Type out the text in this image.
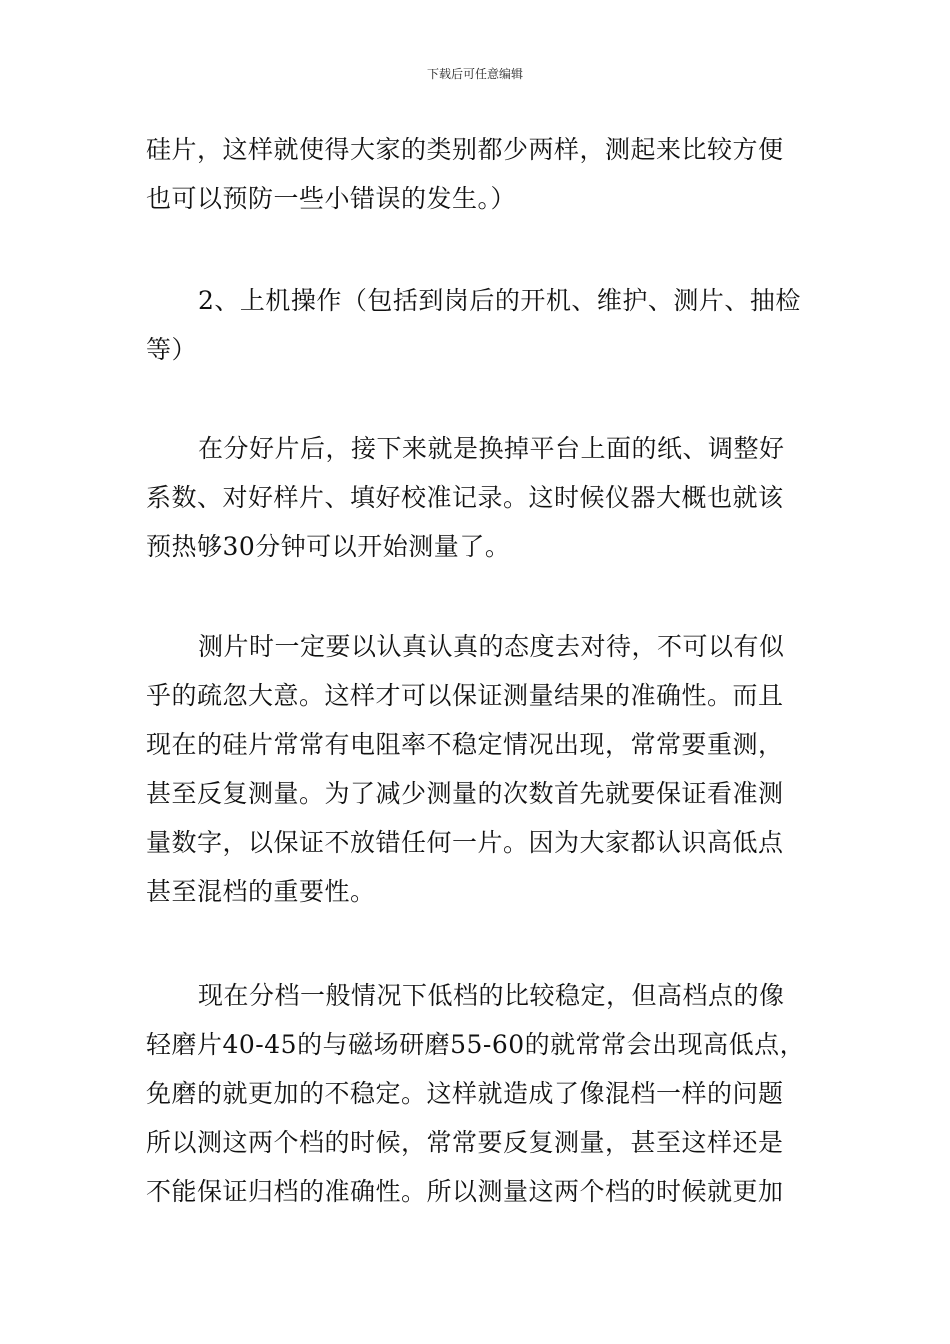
下载后可任意编辑
硅片，这样就使得大家的类别都少两样，测起来比较方便
也可以预防一些小错误的发生。）
2、上机操作（包括到岗后的开机、维护、测片、抽检
等）
在分好片后，接下来就是换掉平台上面的纸、调整好
系数、对好样片、填好校准记录。这时候仪器大概也就该
预热够30分钟可以开始测量了。
测片时一定要以认真认真的态度去对待，不可以有似
乎的疏忽大意。这样才可以保证测量结果的准确性。而且
现在的硅片常常有电阻率不稳定情况出现，常常要重测，
甚至反复测量。为了减少测量的次数首先就要保证看准测
量数字，以保证不放错任何一片。因为大家都认识高低点
甚至混档的重要性。
现在分档一般情况下低档的比较稳定，但高档点的像
轻磨片40-45的与磁场研磨55-60的就常常会出现高低点，
免磨的就更加的不稳定。这样就造成了像混档一样的问题
所以测这两个档的时候，常常要反复测量，甚至这样还是
不能保证归档的准确性。所以测量这两个档的时候就更加
